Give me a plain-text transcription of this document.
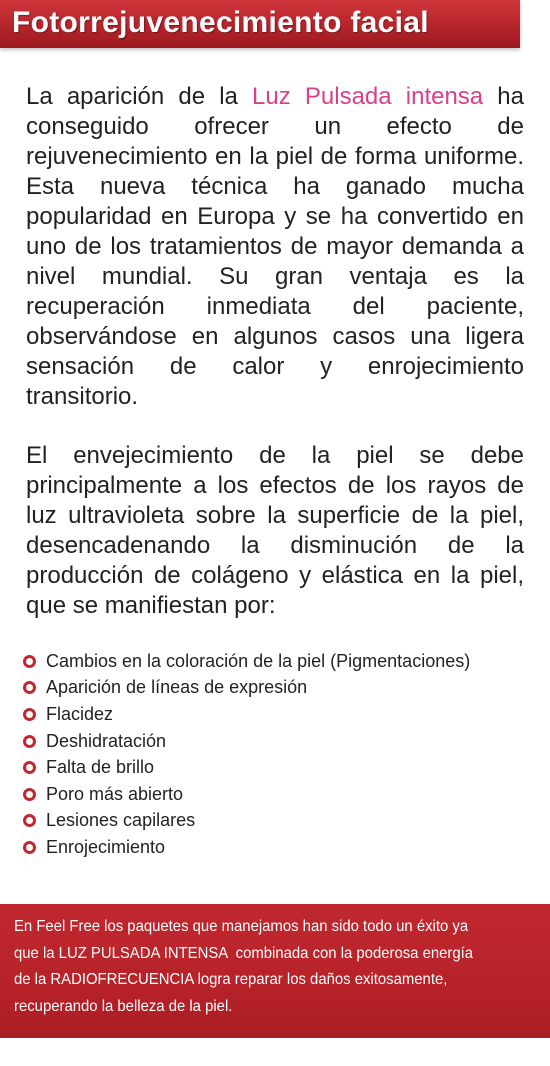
Fotorrejuvenecimiento facial
La aparición de la Luz Pulsada intensa ha conseguido ofrecer un efecto de rejuvenecimiento en la piel de forma uniforme. Esta nueva técnica ha ganado mucha popularidad en Europa y se ha convertido en uno de los tratamientos de mayor demanda a nivel mundial. Su gran ventaja es la recuperación inmediata del paciente, observándose en algunos casos una ligera sensación de calor y enrojecimiento transitorio.
El envejecimiento de la piel se debe principalmente a los efectos de los rayos de luz ultravioleta sobre la superficie de la piel, desencadenando la disminución de la producción de colágeno y elástica en la piel, que se manifiestan por:
Cambios en la coloración de la piel (Pigmentaciones)
Aparición de líneas de expresión
Flacidez
Deshidratación
Falta de brillo
Poro más abierto
Lesiones capilares
Enrojecimiento
En Feel Free los paquetes que manejamos han sido todo un éxito ya
que la LUZ PULSADA INTENSA  combinada con la poderosa energía
de la RADIOFRECUENCIA logra reparar los daños exitosamente,
recuperando la belleza de la piel.
